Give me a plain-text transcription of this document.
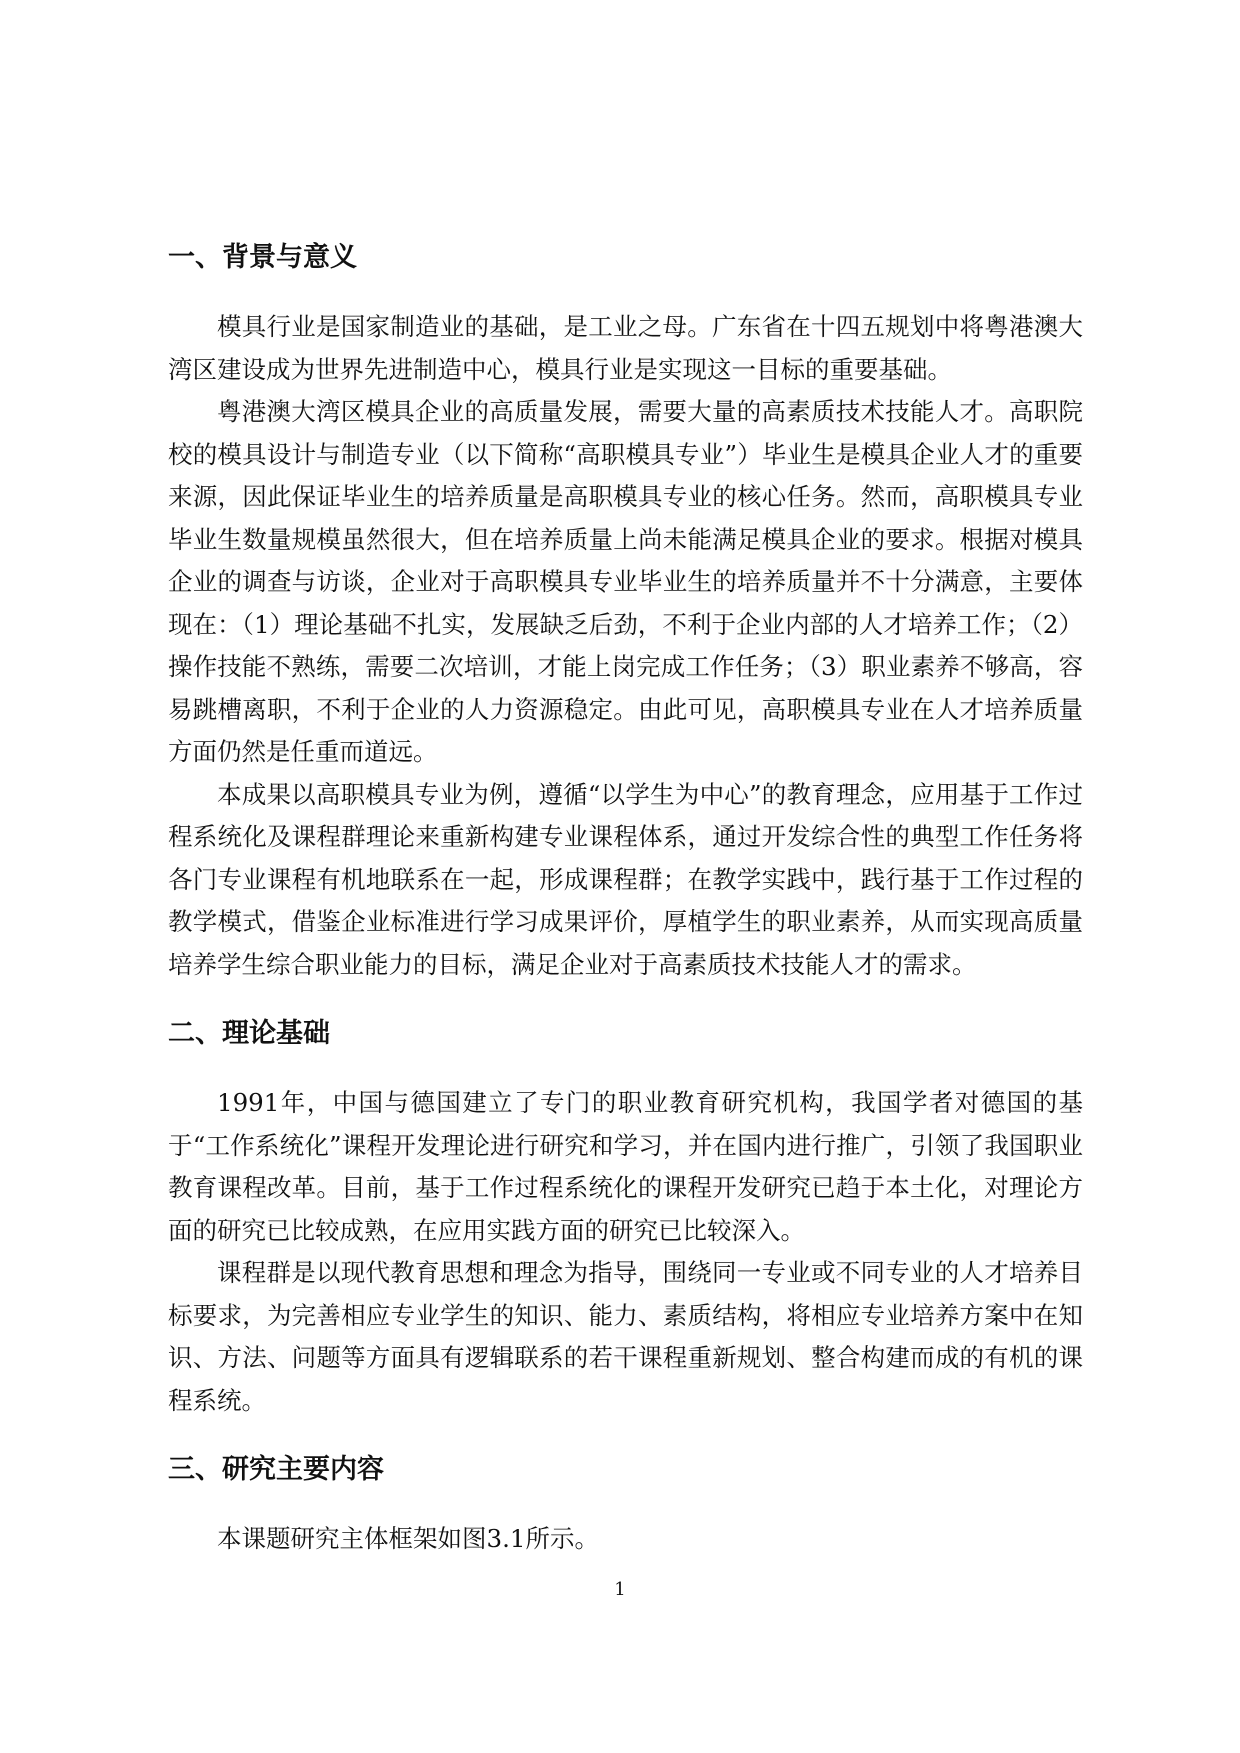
一、背景与意义

模具行业是国家制造业的基础，是工业之母。广东省在十四五规划中将粤港澳大湾区建设成为世界先进制造中心，模具行业是实现这一目标的重要基础。

粤港澳大湾区模具企业的高质量发展，需要大量的高素质技术技能人才。高职院校的模具设计与制造专业（以下简称“高职模具专业”）毕业生是模具企业人才的重要来源，因此保证毕业生的培养质量是高职模具专业的核心任务。然而，高职模具专业毕业生数量规模虽然很大，但在培养质量上尚未能满足模具企业的要求。根据对模具企业的调查与访谈，企业对于高职模具专业毕业生的培养质量并不十分满意，主要体现在：（1）理论基础不扎实，发展缺乏后劲，不利于企业内部的人才培养工作；（2）操作技能不熟练，需要二次培训，才能上岗完成工作任务；（3）职业素养不够高，容易跳槽离职，不利于企业的人力资源稳定。由此可见，高职模具专业在人才培养质量方面仍然是任重而道远。

本成果以高职模具专业为例，遵循“以学生为中心”的教育理念，应用基于工作过程系统化及课程群理论来重新构建专业课程体系，通过开发综合性的典型工作任务将各门专业课程有机地联系在一起，形成课程群；在教学实践中，践行基于工作过程的教学模式，借鉴企业标准进行学习成果评价，厚植学生的职业素养，从而实现高质量培养学生综合职业能力的目标，满足企业对于高素质技术技能人才的需求。

二、理论基础

1991年，中国与德国建立了专门的职业教育研究机构，我国学者对德国的基于“工作系统化”课程开发理论进行研究和学习，并在国内进行推广，引领了我国职业教育课程改革。目前，基于工作过程系统化的课程开发研究已趋于本土化，对理论方面的研究已比较成熟，在应用实践方面的研究已比较深入。

课程群是以现代教育思想和理念为指导，围绕同一专业或不同专业的人才培养目标要求，为完善相应专业学生的知识、能力、素质结构，将相应专业培养方案中在知识、方法、问题等方面具有逻辑联系的若干课程重新规划、整合构建而成的有机的课程系统。

三、研究主要内容

本课题研究主体框架如图3.1所示。

1
